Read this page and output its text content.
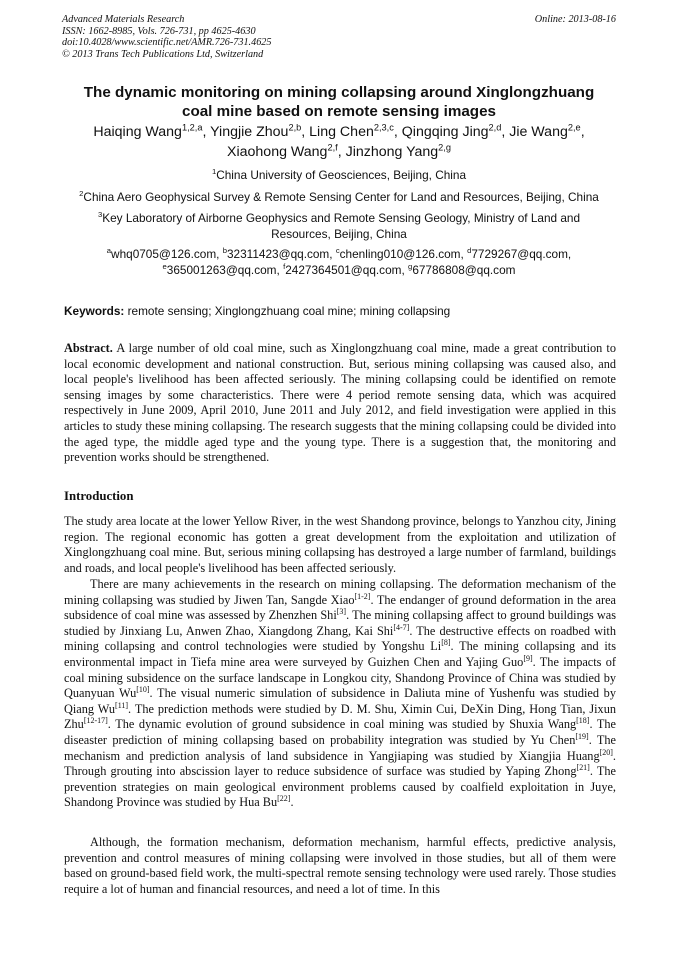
Advanced Materials Research
ISSN: 1662-8985, Vols. 726-731, pp 4625-4630
doi:10.4028/www.scientific.net/AMR.726-731.4625
© 2013 Trans Tech Publications Ltd, Switzerland
Online: 2013-08-16
The dynamic monitoring on mining collapsing around Xinglongzhuang
coal mine based on remote sensing images
Haiqing Wang$^{1,2,a}$, Yingjie Zhou$^{2,b}$, Ling Chen$^{2,3,c}$, Qingqing Jing$^{2,d}$, Jie Wang$^{2,e}$,
Xiaohong Wang$^{2,f}$, Jinzhong Yang$^{2,g}$
$^1$China University of Geosciences, Beijing, China
$^2$China Aero Geophysical Survey & Remote Sensing Center for Land and Resources, Beijing, China
$^3$Key Laboratory of Airborne Geophysics and Remote Sensing Geology, Ministry of Land and
Resources, Beijing, China
$^a$whq0705@126.com, $^b$32311423@qq.com, $^c$chenling010@126.com, $^d$7729267@qq.com,
$^e$365001263@qq.com, $^f$2427364501@qq.com, $^g$67786808@qq.com
Keywords: remote sensing; Xinglongzhuang coal mine; mining collapsing
Abstract. A large number of old coal mine, such as Xinglongzhuang coal mine, made a great contribution to local economic development and national construction. But, serious mining collapsing was caused also, and local people's livelihood has been affected seriously. The mining collapsing could be identified on remote sensing images by some characteristics. There were 4 period remote sensing data, which was acquired respectively in June 2009, April 2010, June 2011 and July 2012, and field investigation were applied in this articles to study these mining collapsing. The research suggests that the mining collapsing could be divided into the aged type, the middle aged type and the young type. There is a suggestion that, the monitoring and prevention works should be strengthened.
Introduction
The study area locate at the lower Yellow River, in the west Shandong province, belongs to Yanzhou city, Jining region. The regional economic has gotten a great development from the exploitation and utilization of Xinglongzhuang coal mine. But, serious mining collapsing has destroyed a large number of farmland, buildings and roads, and local people's livelihood has been affected seriously.
There are many achievements in the research on mining collapsing. The deformation mechanism of the mining collapsing was studied by Jiwen Tan, Sangde Xiao[1-2]. The endanger of ground deformation in the area subsidence of coal mine was assessed by Zhenzhen Shi[3]. The mining collapsing affect to ground buildings was studied by Jinxiang Lu, Anwen Zhao, Xiangdong Zhang, Kai Shi[4-7]. The destructive effects on roadbed with mining collapsing and control technologies were studied by Yongshu Li[8]. The mining collapsing and its environmental impact in Tiefa mine area were surveyed by Guizhen Chen and Yajing Guo[9]. The impacts of coal mining subsidence on the surface landscape in Longkou city, Shandong Province of China was studied by Quanyuan Wu[10]. The visual numeric simulation of subsidence in Daliuta mine of Yushenfu was studied by Qiang Wu[11]. The prediction methods were studied by D. M. Shu, Ximin Cui, DeXin Ding, Hong Tian, Jixun Zhu[12-17]. The dynamic evolution of ground subsidence in coal mining was studied by Shuxia Wang[18]. The diseaster prediction of mining collapsing based on probability integration was studied by Yu Chen[19]. The mechanism and prediction analysis of land subsidence in Yangjiaping was studied by Xiangjia Huang[20]. Through grouting into abscission layer to reduce subsidence of surface was studied by Yaping Zhong[21]. The prevention strategies on main geological environment problems caused by coalfield exploitation in Juye, Shandong Province was studied by Hua Bu[22].
Although, the formation mechanism, deformation mechanism, harmful effects, predictive analysis, prevention and control measures of mining collapsing were involved in those studies, but all of them were based on ground-based field work, the multi-spectral remote sensing technology were used rarely. Those studies require a lot of human and financial resources, and need a lot of time. In this
